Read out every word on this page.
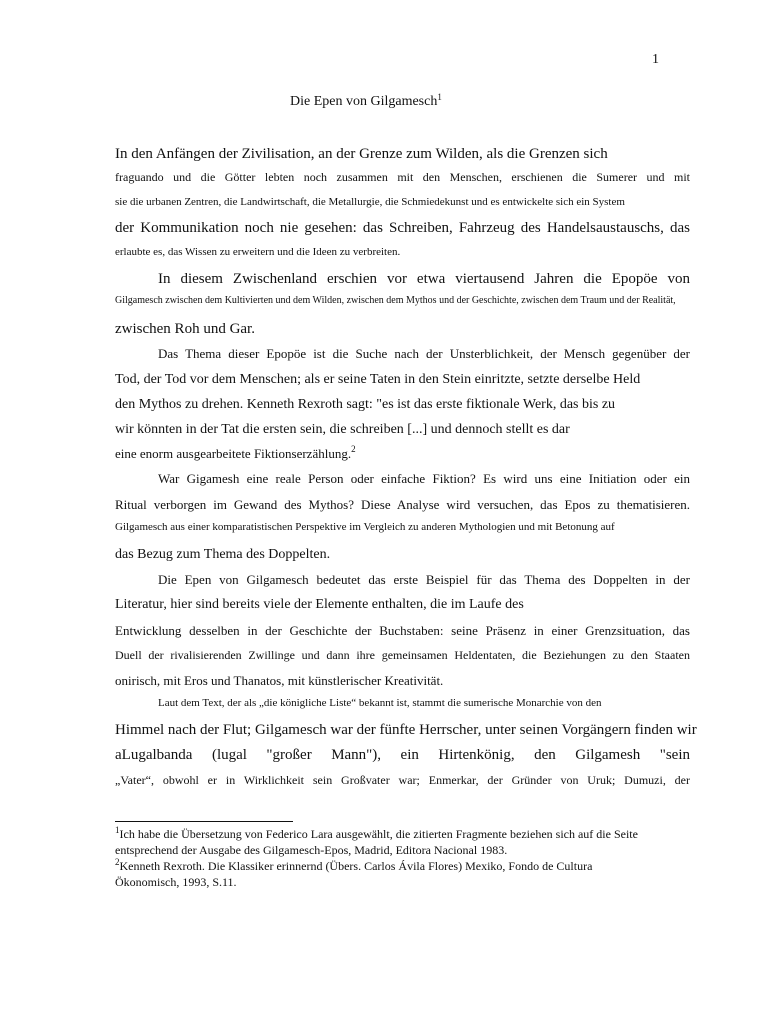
1
Die Epen von Gilgamesch$^1$
In den Anfängen der Zivilisation, an der Grenze zum Wilden, als die Grenzen sich
fraguando und die Götter lebten noch zusammen mit den Menschen, erschienen die Sumerer und mit
sie die urbanen Zentren, die Landwirtschaft, die Metallurgie, die Schmiedekunst und es entwickelte sich ein System
der Kommunikation noch nie gesehen: das Schreiben, Fahrzeug des Handelsaustauschs, das
erlaubte es, das Wissen zu erweitern und die Ideen zu verbreiten.
In diesem Zwischenland erschien vor etwa viertausend Jahren die Epopöe von
Gilgamesch zwischen dem Kultivierten und dem Wilden, zwischen dem Mythos und der Geschichte, zwischen dem Traum und der Realität,
zwischen Roh und Gar.
Das Thema dieser Epopöe ist die Suche nach der Unsterblichkeit, der Mensch gegenüber der
Tod, der Tod vor dem Menschen; als er seine Taten in den Stein einritzte, setzte derselbe Held
den Mythos zu drehen. Kenneth Rexroth sagt: "es ist das erste fiktionale Werk, das bis zu
wir könnten in der Tat die ersten sein, die schreiben [...] und dennoch stellt es dar
eine enorm ausgearbeitete Fiktionserzählung.$^2$
War Gigamesh eine reale Person oder einfache Fiktion? Es wird uns eine Initiation oder ein
Ritual verborgen im Gewand des Mythos? Diese Analyse wird versuchen, das Epos zu thematisieren.
Gilgamesch aus einer komparatistischen Perspektive im Vergleich zu anderen Mythologien und mit Betonung auf
das Bezug zum Thema des Doppelten.
Die Epen von Gilgamesch bedeutet das erste Beispiel für das Thema des Doppelten in der
Literatur, hier sind bereits viele der Elemente enthalten, die im Laufe des
Entwicklung desselben in der Geschichte der Buchstaben: seine Präsenz in einer Grenzsituation, das
Duell der rivalisierenden Zwillinge und dann ihre gemeinsamen Heldentaten, die Beziehungen zu den Staaten
onirisch, mit Eros und Thanatos, mit künstlerischer Kreativität.
Laut dem Text, der als „die königliche Liste“ bekannt ist, stammt die sumerische Monarchie von den
Himmel nach der Flut; Gilgamesch war der fünfte Herrscher, unter seinen Vorgängern finden wir
aLugalbanda (lugal "großer Mann"), ein Hirtenkönig, den Gilgamesh "sein
„Vater“, obwohl er in Wirklichkeit sein Großvater war; Enmerkar, der Gründer von Uruk; Dumuzi, der
$^1$Ich habe die Übersetzung von Federico Lara ausgewählt, die zitierten Fragmente beziehen sich auf die Seite
entsprechend der Ausgabe des Gilgamesch-Epos, Madrid, Editora Nacional 1983.
$^2$Kenneth Rexroth. Die Klassiker erinnernd (Übers. Carlos Ávila Flores) Mexiko, Fondo de Cultura
Ökonomisch, 1993, S.11.
